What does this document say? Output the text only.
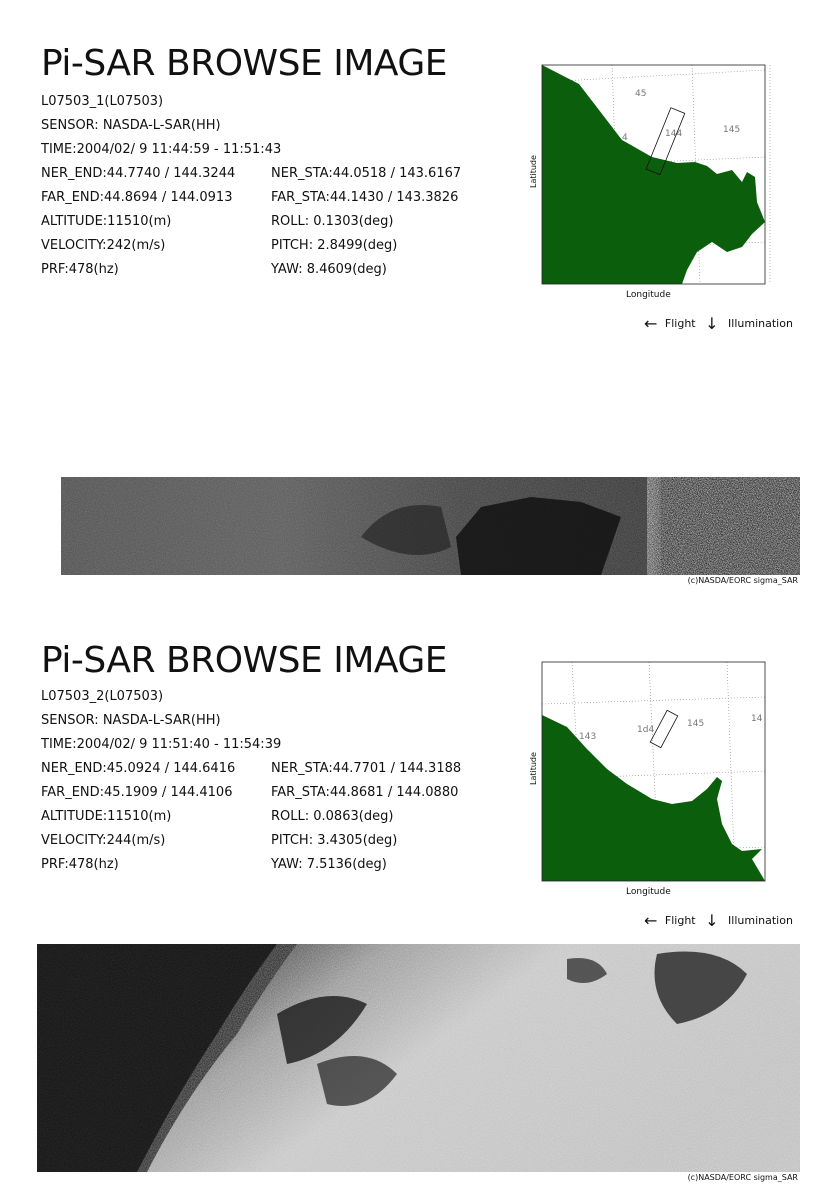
Pi-SAR BROWSE IMAGE
L07503_1(L07503)
SENSOR: NASDA-L-SAR(HH)
TIME:2004/02/ 9 11:44:59 - 11:51:43
NER_END:44.7740 / 144.3244	NER_STA:44.0518 / 143.6167
FAR_END:44.8694 / 144.0913	FAR_STA:44.1430 / 143.3826
ALTITUDE:11510(m)	ROLL: 0.1303(deg)
VELOCITY:242(m/s)	PITCH: 2.8499(deg)
PRF:478(hz)	YAW: 8.4609(deg)
45
144	145
4
Latitude
Longitude
← Flight ↓ Illumination
(c)NASDA/EORC sigma_SAR
Pi-SAR BROWSE IMAGE
L07503_2(L07503)
SENSOR: NASDA-L-SAR(HH)
TIME:2004/02/ 9 11:51:40 - 11:54:39
NER_END:45.0924 / 144.6416	NER_STA:44.7701 / 144.3188
FAR_END:45.1909 / 144.4106	FAR_STA:44.8681 / 144.0880
ALTITUDE:11510(m)	ROLL: 0.0863(deg)
VELOCITY:244(m/s)	PITCH: 3.4305(deg)
PRF:478(hz)	YAW: 7.5136(deg)
143
1d4
145	14
Latitude
Longitude
← Flight ↓ Illumination
(c)NASDA/EORC sigma_SAR
